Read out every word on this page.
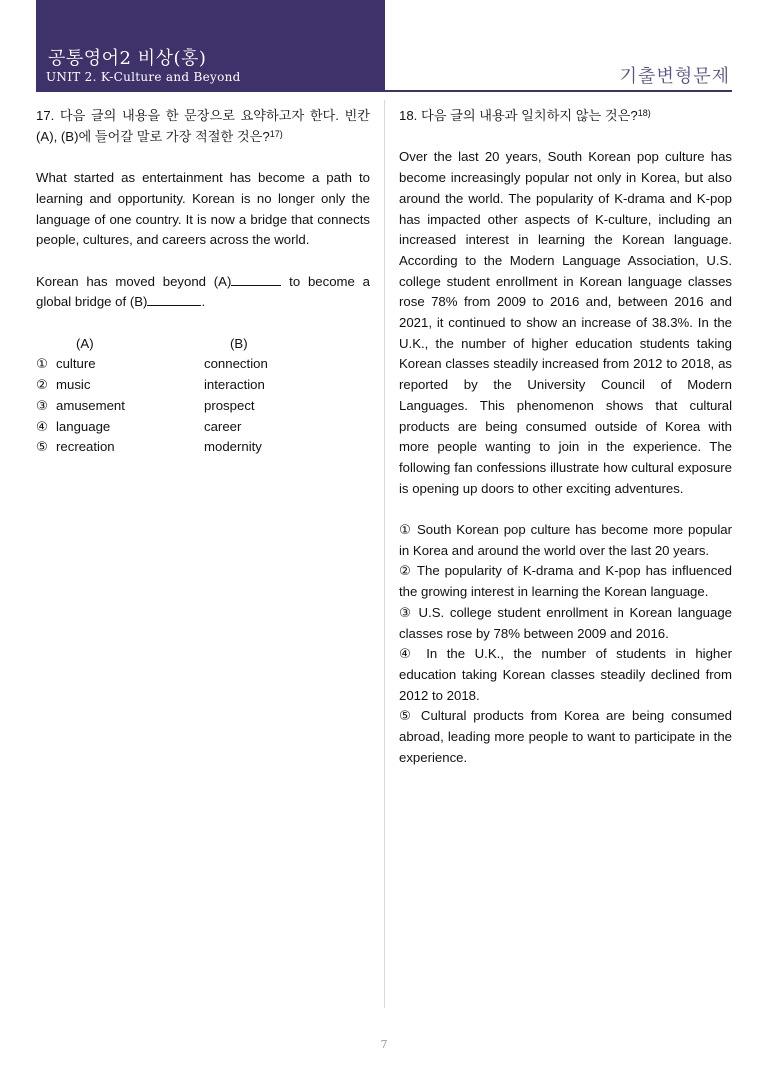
공통영어2 비상(홍)
UNIT 2. K-Culture and Beyond	기출변형문제

17. 다음 글의 내용을 한 문장으로 요약하고자 한다. 빈칸 (A), (B)에 들어갈 말로 가장 적절한 것은?$^{17)}$

What started as entertainment has become a path to learning and opportunity. Korean is no longer only the language of one country. It is now a bridge that connects people, cultures, and careers across the world.

Korean has moved beyond (A)	to become a global bridge of (B)	.

(A)	(B)
① culture	connection
② music	interaction
③ amusement	prospect
④ language	career
⑤ recreation	modernity

18. 다음 글의 내용과 일치하지 않는 것은?$^{18)}$

Over the last 20 years, South Korean pop culture has become increasingly popular not only in Korea, but also around the world. The popularity of K-drama and K-pop has impacted other aspects of K-culture, including an increased interest in learning the Korean language. According to the Modern Language Association, U.S. college student enrollment in Korean language classes rose 78% from 2009 to 2016 and, between 2016 and 2021, it continued to show an increase of 38.3%. In the U.K., the number of higher education students taking Korean classes steadily increased from 2012 to 2018, as reported by the University Council of Modern Languages. This phenomenon shows that cultural products are being consumed outside of Korea with more people wanting to join in the experience. The following fan confessions illustrate how cultural exposure is opening up doors to other exciting adventures.

① South Korean pop culture has become more popular in Korea and around the world over the last 20 years.

② The popularity of K-drama and K-pop has influenced the growing interest in learning the Korean language.

③ U.S. college student enrollment in Korean language classes rose by 78% between 2009 and 2016.

④ In the U.K., the number of students in higher education taking Korean classes steadily declined from 2012 to 2018.

⑤ Cultural products from Korea are being consumed abroad, leading more people to want to participate in the experience.

7
